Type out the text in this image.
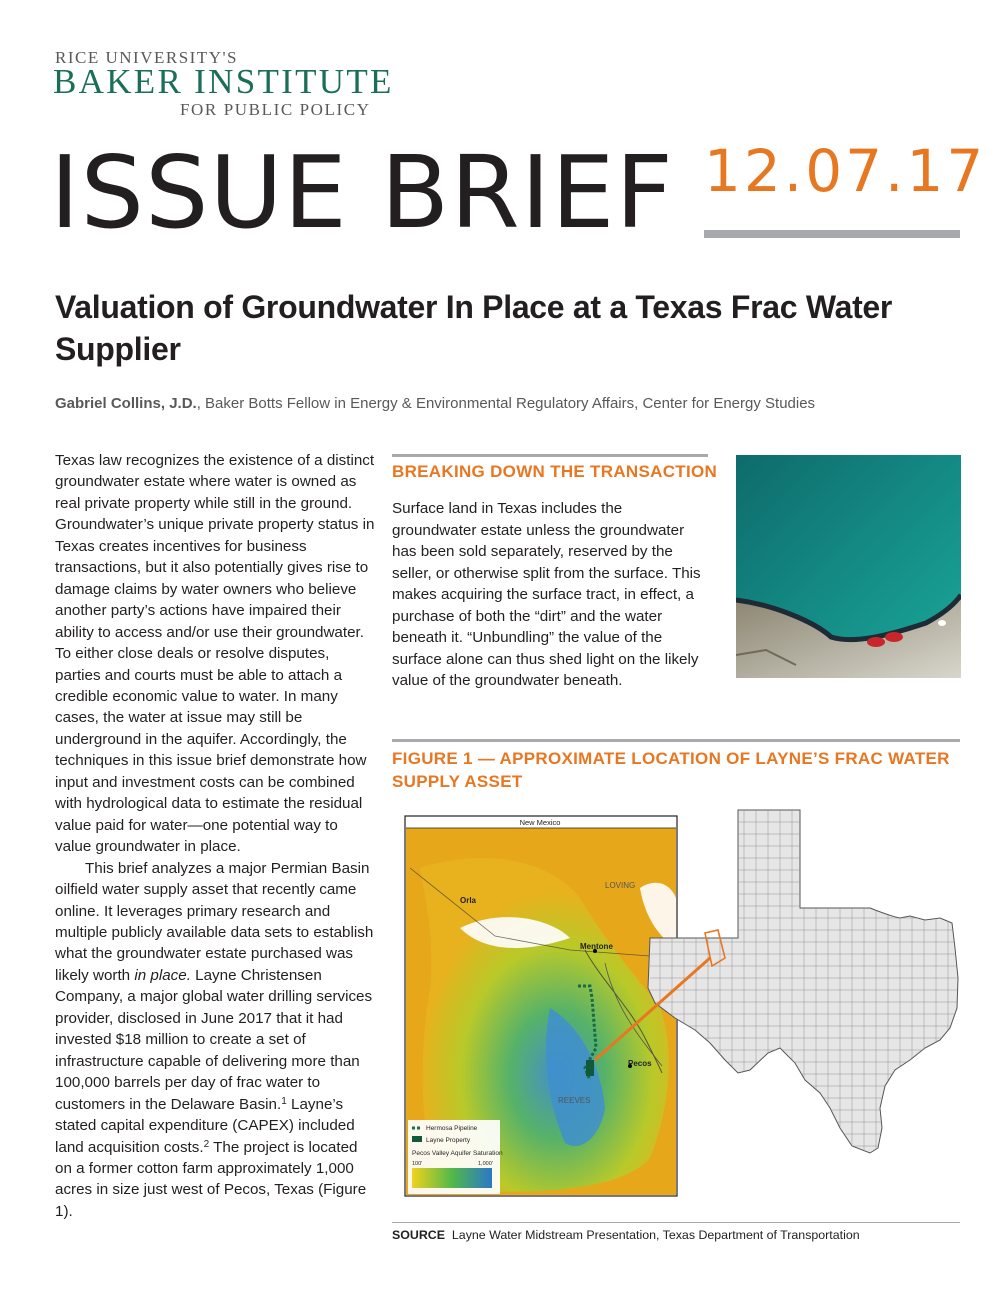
RICE UNIVERSITY'S
BAKER INSTITUTE
FOR PUBLIC POLICY
ISSUE BRIEF 12.07.17
Valuation of Groundwater In Place at a Texas Frac Water Supplier
Gabriel Collins, J.D., Baker Botts Fellow in Energy & Environmental Regulatory Affairs, Center for Energy Studies

Texas law recognizes the existence of a distinct groundwater estate where water is owned as real private property while still in the ground. Groundwater’s unique private property status in Texas creates incentives for business transactions, but it also potentially gives rise to damage claims by water owners who believe another party’s actions have impaired their ability to access and/or use their groundwater. To either close deals or resolve disputes, parties and courts must be able to attach a credible economic value to water. In many cases, the water at issue may still be underground in the aquifer. Accordingly, the techniques in this issue brief demonstrate how input and investment costs can be combined with hydrological data to estimate the residual value paid for water—one potential way to value groundwater in place.

This brief analyzes a major Permian Basin oilfield water supply asset that recently came online. It leverages primary research and multiple publicly available data sets to establish what the groundwater estate purchased was likely worth in place. Layne Christensen Company, a major global water drilling services provider, disclosed in June 2017 that it had invested $18 million to create a set of infrastructure capable of delivering more than 100,000 barrels per day of frac water to customers in the Delaware Basin.$^1$ Layne’s stated capital expenditure (CAPEX) included land acquisition costs.$^2$ The project is located on a former cotton farm approximately 1,000 acres in size just west of Pecos, Texas (Figure 1).

BREAKING DOWN THE TRANSACTION
Surface land in Texas includes the groundwater estate unless the groundwater has been sold separately, reserved by the seller, or otherwise split from the surface. This makes acquiring the surface tract, in effect, a purchase of both the “dirt” and the water beneath it. “Unbundling” the value of the surface alone can thus shed light on the likely value of the groundwater beneath.
FIGURE 1 — APPROXIMATE LOCATION OF LAYNE’S FRAC WATER SUPPLY ASSET
New Mexico
LOVING
Orla
Mentone
Pecos
REEVES
Hermosa Pipeline
Layne Property
Pecos Valley Aquifer Saturation
100'	1,000'
SOURCE Layne Water Midstream Presentation, Texas Department of Transportation
